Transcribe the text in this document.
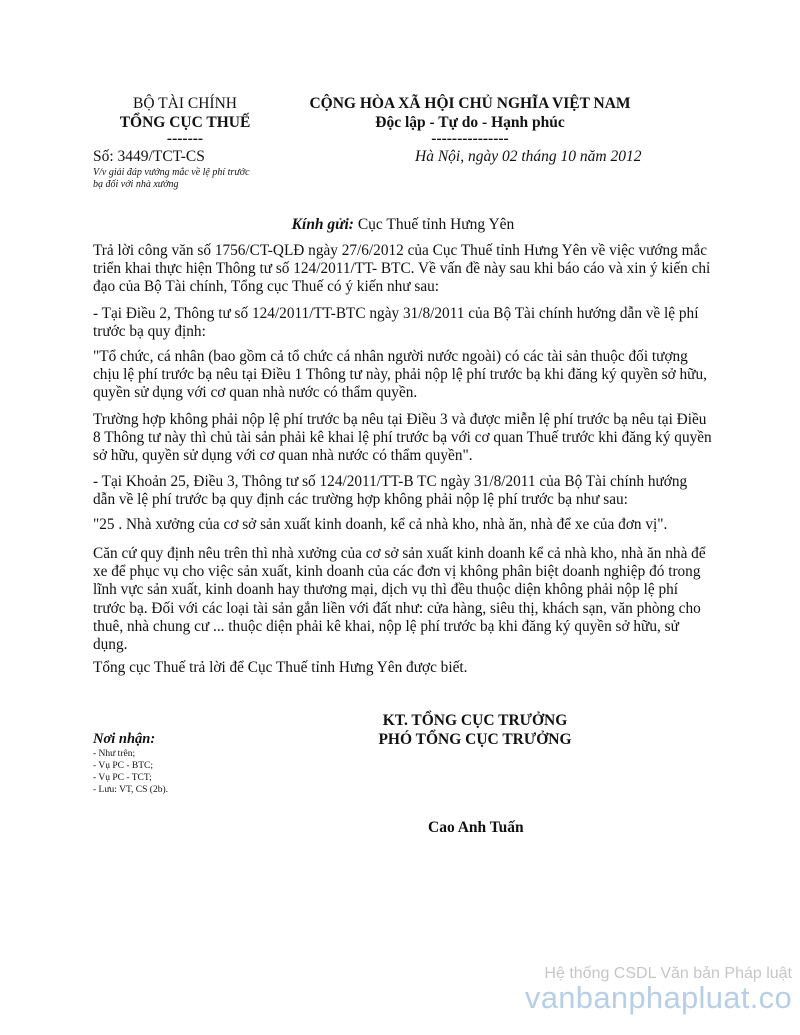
BỘ TÀI CHÍNH
TỔNG CỤC THUẾ
-------
CỘNG HÒA XÃ HỘI CHỦ NGHĨA VIỆT NAM
Độc lập - Tự do - Hạnh phúc
---------------
Số: 3449/TCT-CS	Hà Nội, ngày 02 tháng 10 năm 2012
V/v giải đáp vướng mắc về lệ phí trước
bạ đối với nhà xưởng
Kính gửi: Cục Thuế tỉnh Hưng Yên

Trả lời công văn số 1756/CT-QLĐ ngày 27/6/2012 của Cục Thuế tỉnh Hưng Yên về việc vướng mắc triển khai thực hiện Thông tư số 124/2011/TT- BTC. Về vấn đề này sau khi báo cáo và xin ý kiến chỉ đạo của Bộ Tài chính, Tổng cục Thuế có ý kiến như sau:

- Tại Điều 2, Thông tư số 124/2011/TT-BTC ngày 31/8/2011 của Bộ Tài chính hướng dẫn về lệ phí trước bạ quy định:

"Tổ chức, cá nhân (bao gồm cả tổ chức cá nhân người nước ngoài) có các tài sản thuộc đối tượng chịu lệ phí trước bạ nêu tại Điều 1 Thông tư này, phải nộp lệ phí trước bạ khi đăng ký quyền sở hữu, quyền sử dụng với cơ quan nhà nước có thẩm quyền.

Trường hợp không phải nộp lệ phí trước bạ nêu tại Điều 3 và được miễn lệ phí trước bạ nêu tại Điều 8 Thông tư này thì chủ tài sản phải kê khai lệ phí trước bạ với cơ quan Thuế trước khi đăng ký quyền sở hữu, quyền sử dụng với cơ quan nhà nước có thẩm quyền".

- Tại Khoản 25, Điều 3, Thông tư số 124/2011/TT-B TC ngày 31/8/2011 của Bộ Tài chính hướng dẫn về lệ phí trước bạ quy định các trường hợp không phải nộp lệ phí trước bạ như sau:

"25 . Nhà xưởng của cơ sở sản xuất kinh doanh, kể cả nhà kho, nhà ăn, nhà để xe của đơn vị".

Căn cứ quy định nêu trên thì nhà xưởng của cơ sở sản xuất kinh doanh kể cả nhà kho, nhà ăn nhà để xe để phục vụ cho việc sản xuất, kinh doanh của các đơn vị không phân biệt doanh nghiệp đó trong lĩnh vực sản xuất, kinh doanh hay thương mại, dịch vụ thì đều thuộc diện không phải nộp lệ phí trước bạ. Đối với các loại tài sản gắn liền với đất như: cửa hàng, siêu thị, khách sạn, văn phòng cho thuê, nhà chung cư ... thuộc diện phải kê khai, nộp lệ phí trước bạ khi đăng ký quyền sở hữu, sử dụng.

Tổng cục Thuế trả lời để Cục Thuế tỉnh Hưng Yên được biết.

Nơi nhận:
- Như trên;
- Vụ PC - BTC;
- Vụ PC - TCT;
- Lưu: VT, CS (2b).
KT. TỔNG CỤC TRƯỞNG
PHÓ TỔNG CỤC TRƯỞNG
Cao Anh Tuấn
Hệ thống CSDL Văn bản Pháp luật
vanbanphapluat.co
